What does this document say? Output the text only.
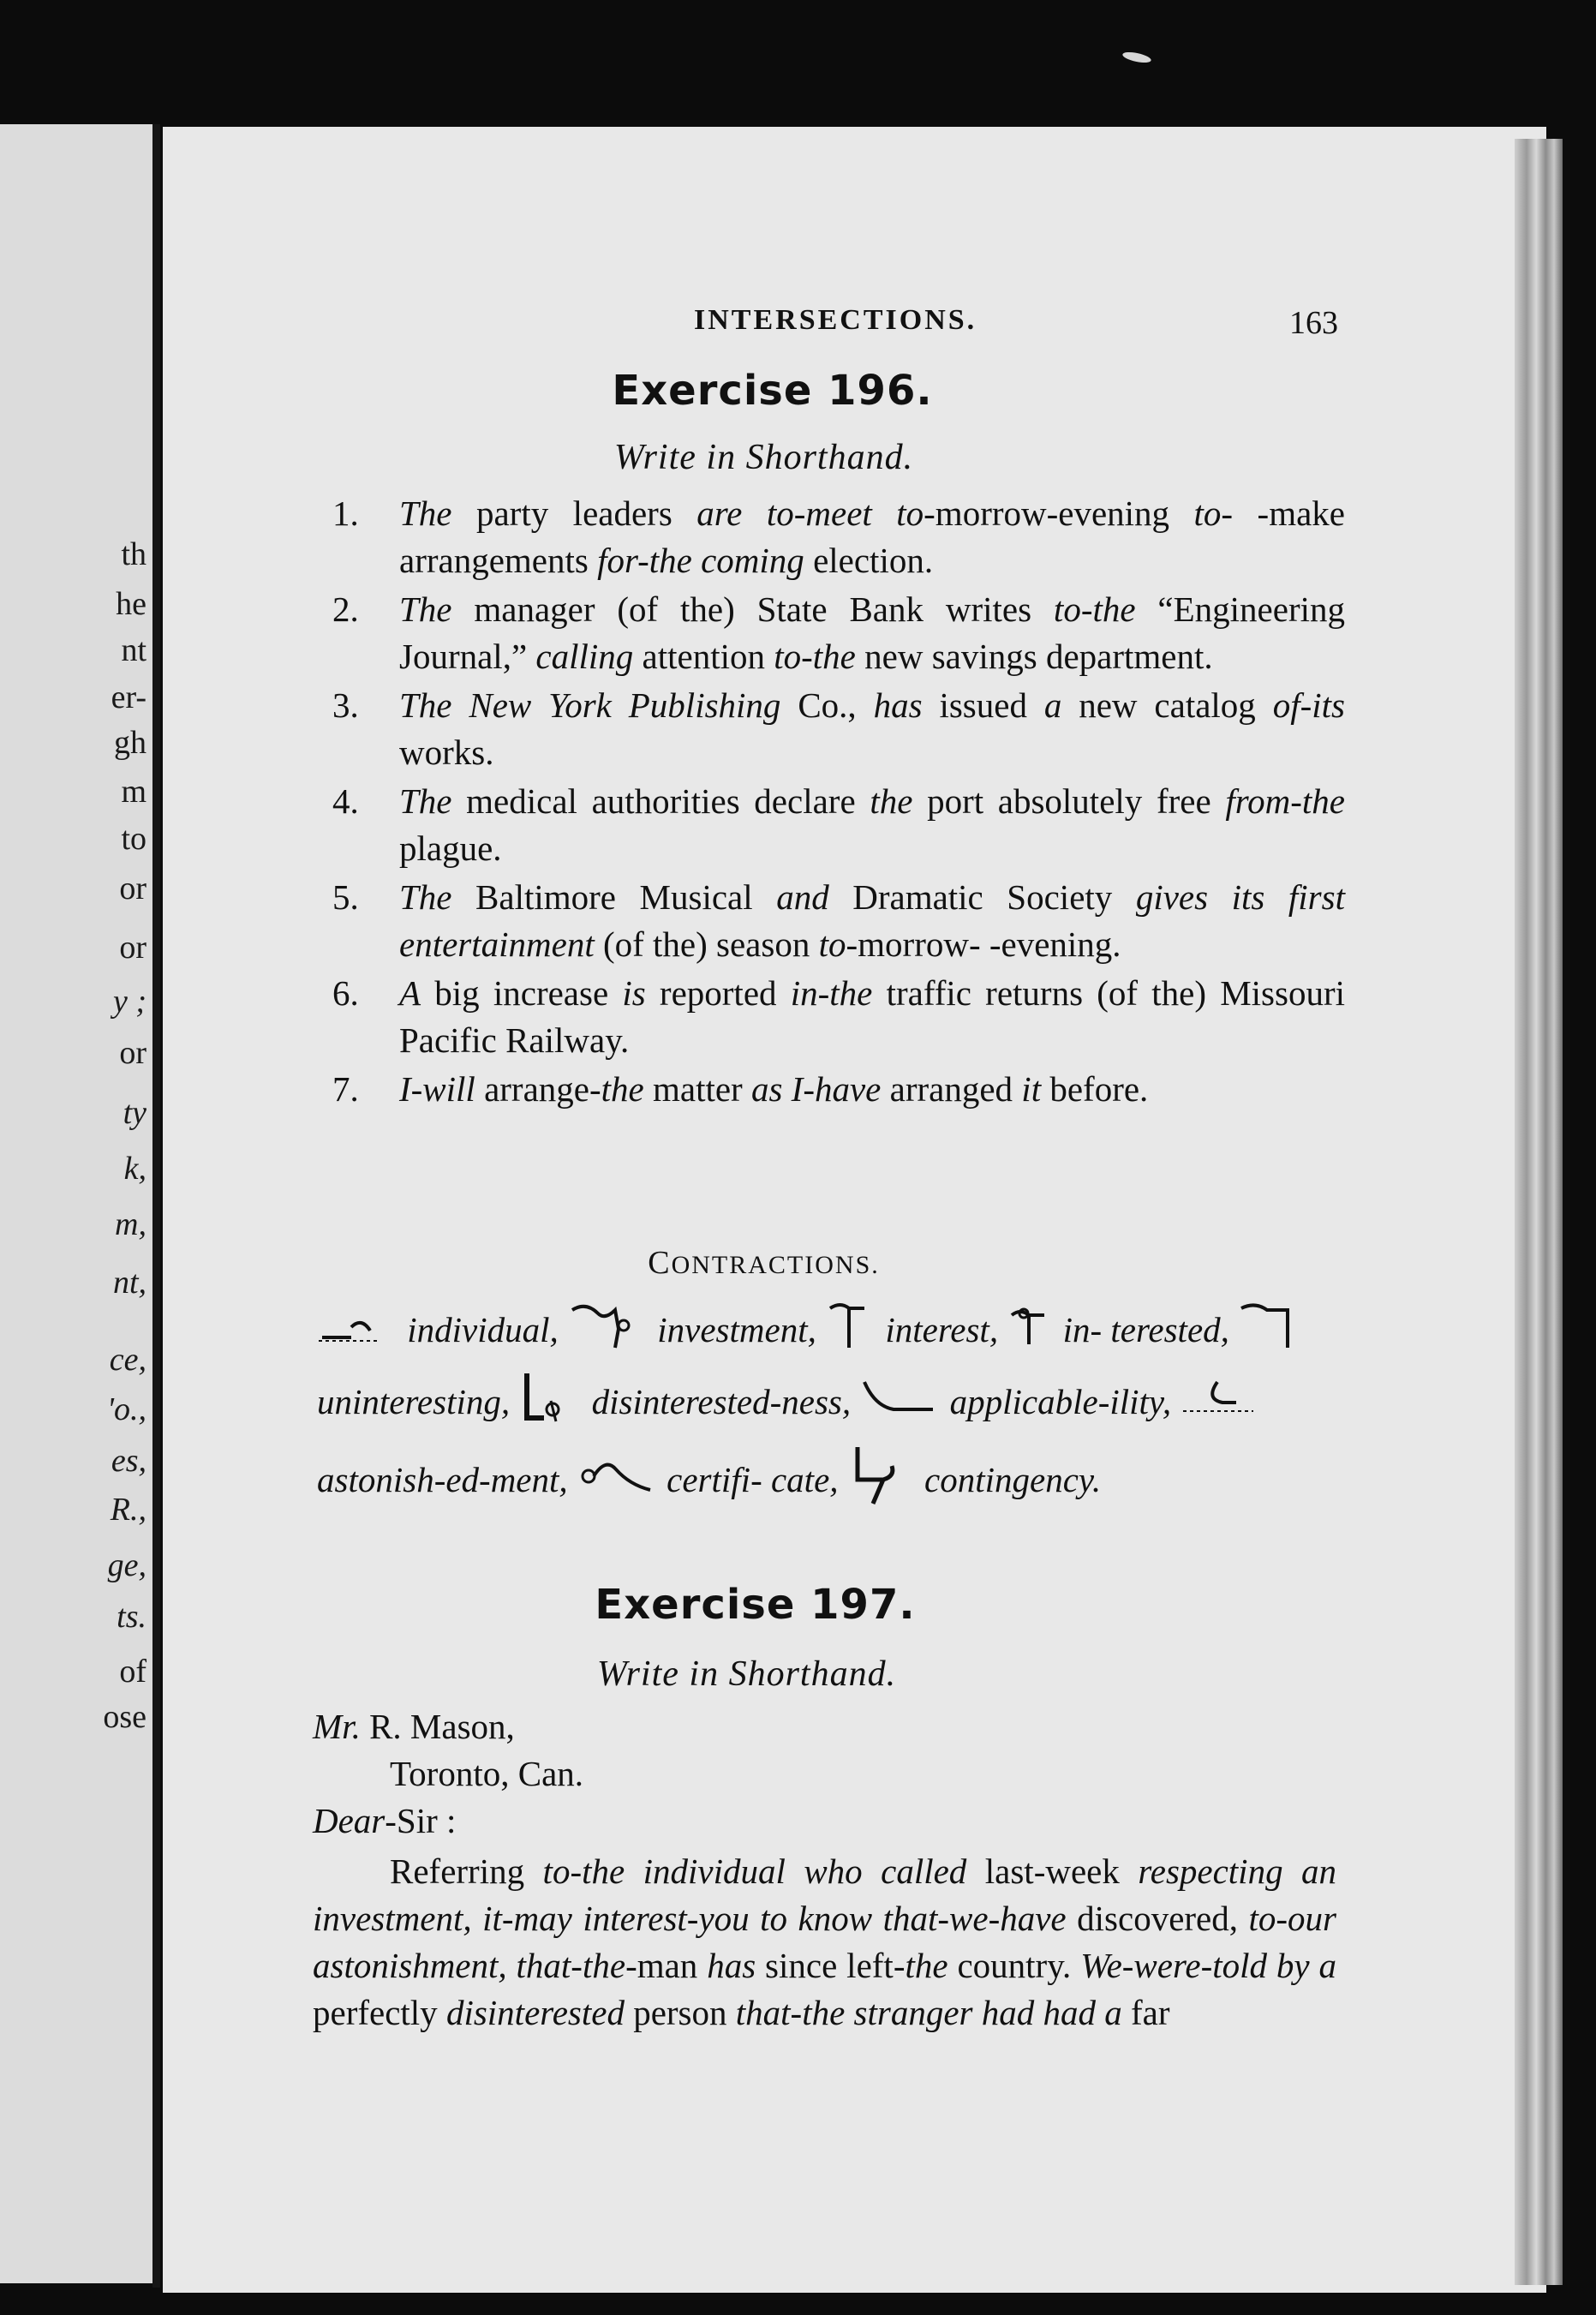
th
he
nt
er-
gh
m
to
or
or
y ;
or
ty
k,
m,
nt,
ce,
'o.,
es,
R.,
ge,
ts.
of
ose
INTERSECTIONS.	163
Exercise 196.
Write in Shorthand.
1. The party leaders are to-meet to-morrow-evening to- -make arrangements for-the coming election.
2. The manager (of the) State Bank writes to-the “Engineering Journal,” calling attention to-the new savings department.
3. The New York Publishing Co., has issued a new catalog of-its works.
4. The medical authorities declare the port absolutely free from-the plague.
5. The Baltimore Musical and Dramatic Society gives its first entertainment (of the) season to-morrow- -evening.
6. A big increase is reported in-the traffic returns (of the) Missouri Pacific Railway.
7. I-will arrange-the matter as I-have arranged it before.
CONTRACTIONS.
individual,  investment,  interest,  in- terested,  uninteresting,  disinterested-ness,  applicable-ility,  astonish-ed-ment,  certifi- cate,  contingency.
Exercise 197.
Write in Shorthand.
Mr. R. Mason,
Toronto, Can.
Dear-Sir :
Referring to-the individual who called last-week respecting an investment, it-may interest-you to know that-we-have discovered, to-our astonishment, that-the-man has since left-the country. We-were-told by a perfectly disinterested person that-the stranger had had a far
